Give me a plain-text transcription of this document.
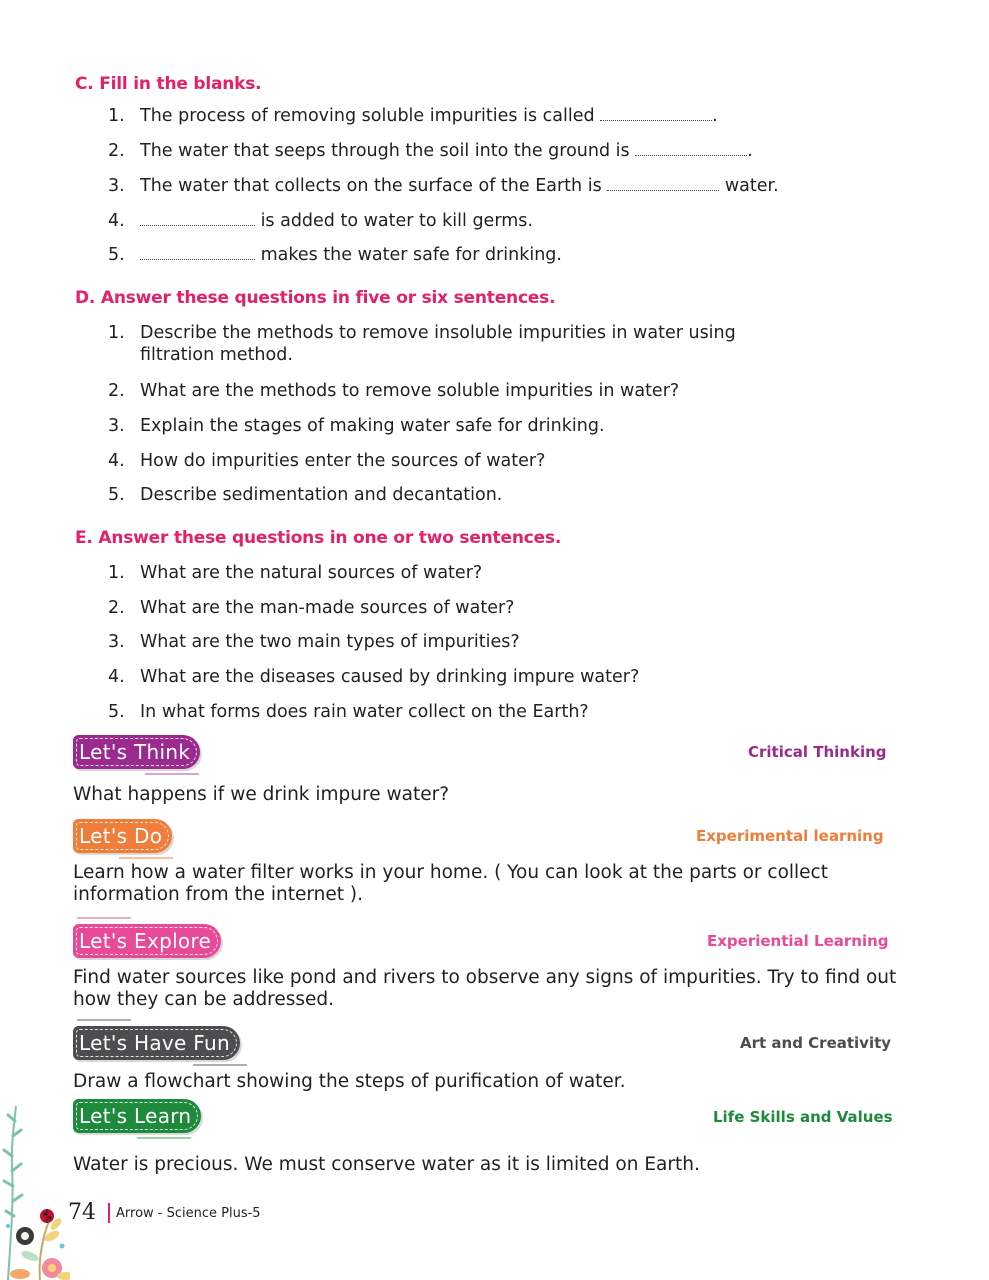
C. Fill in the blanks.
1. The process of removing soluble impurities is called	.
2. The water that seeps through the soil into the ground is	.
3. The water that collects on the surface of the Earth is	water.
4.	is added to water to kill germs.
5.	makes the water safe for drinking.
D. Answer these questions in five or six sentences.
1. Describe the methods to remove insoluble impurities in water using filtration method.
2. What are the methods to remove soluble impurities in water?
3. Explain the stages of making water safe for drinking.
4. How do impurities enter the sources of water?
5. Describe sedimentation and decantation.
E. Answer these questions in one or two sentences.
1. What are the natural sources of water?
2. What are the man-made sources of water?
3. What are the two main types of impurities?
4. What are the diseases caused by drinking impure water?
5. In what forms does rain water collect on the Earth?
Let's Think	Critical Thinking
What happens if we drink impure water?
Let's Do	Experimental learning
Learn how a water filter works in your home. ( You can look at the parts or collect information from the internet ).
Let's Explore	Experiential Learning
Find water sources like pond and rivers to observe any signs of impurities. Try to find out how they can be addressed.
Let's Have Fun	Art and Creativity
Draw a flowchart showing the steps of purification of water.
Let's Learn	Life Skills and Values
Water is precious. We must conserve water as it is limited on Earth.
74 Arrow - Science Plus-5
